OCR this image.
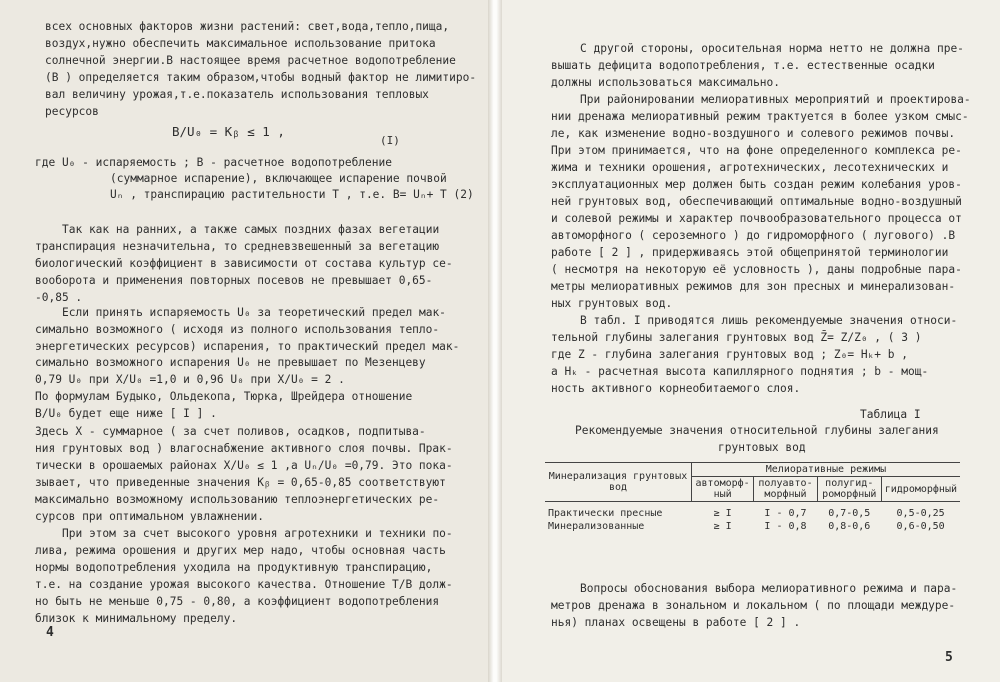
всех основных факторов жизни растений: свет,вода,тепло,пища,
воздух,нужно обеспечить максимальное использование притока
солнечной энергии.В настоящее время расчетное водопотребление
(В ) определяется таким образом,чтобы водный фактор не лимитиро-
вал величину урожая,т.е.показатель использования тепловых
ресурсов
В/U₀ = Kᵦ ≤ 1 ,
(I)
где U₀ - испаряемость ; В - расчетное водопотребление
(суммарное испарение), включающее испарение почвой
Uₙ , транспирацию растительности T , т.е. В= Uₙ+ T (2)
Так как на ранних, а также самых поздних фазах вегетации
транспирация незначительна, то средневзвешенный за вегетацию
биологический коэффициент в зависимости от состава культур се-
вооборота и применения повторных посевов не превышает 0,65-
-0,85 .
Если принять испаряемость U₀ за теоретический предел мак-
симально возможного ( исходя из полного использования тепло-
энергетических ресурсов) испарения, то практический предел мак-
симально возможного испарения U₀ не превышает по Мезенцеву
0,79 U₀ при X/U₀ =1,0 и 0,96 U₀ при X/U₀ = 2 .
По формулам Будыко, Ольдекопа, Тюрка, Шрейдера отношение
В/U₀ будет еще ниже [ I ] .
Здесь X - суммарное ( за счет поливов, осадков, подпитыва-
ния грунтовых вод ) влагоснабжение активного слоя почвы. Прак-
тически в орошаемых районах X/U₀ ≤ 1 ,а Uₙ/U₀ =0,79. Это пока-
зывает, что приведенные значения Kᵦ = 0,65-0,85 соответствуют
максимально возможному использованию теплоэнергетических ре-
сурсов при оптимальном увлажнении.
При этом за счет высокого уровня агротехники и техники по-
лива, режима орошения и других мер надо, чтобы основная часть
нормы водопотребления уходила на продуктивную транспирацию,
т.е. на создание урожая высокого качества. Отношение T/B долж-
но быть не меньше 0,75 - 0,80, а коэффициент водопотребления
близок к минимальному пределу.
4
С другой стороны, оросительная норма нетто не должна пре-
вышать дефицита водопотребления, т.е. естественные осадки
должны использоваться максимально.
При районировании мелиоративных мероприятий и проектирова-
нии дренажа мелиоративный режим трактуется в более узком смыс-
ле, как изменение водно-воздушного и солевого режимов почвы.
При этом принимается, что на фоне определенного комплекса ре-
жима и техники орошения, агротехнических, лесотехнических и
эксплуатационных мер должен быть создан режим колебания уров-
ней грунтовых вод, обеспечивающий оптимальные водно-воздушный
и солевой режимы и характер почвообразовательного процесса от
автоморфного ( сероземного ) до гидроморфного ( лугового) .В
работе [ 2 ] , придерживаясь этой общепринятой терминологии
( несмотря на некоторую её условность ), даны подробные пара-
метры мелиоративных режимов для зон пресных и минерализован-
ных грунтовых вод.
В табл. I приводятся лишь рекомендуемые значения относи-
тельной глубины залегания грунтовых вод Z̄= Z/Z₀ , ( 3 )
где Z - глубина залегания грунтовых вод ; Z₀= Hₖ+ b ,
а Hₖ - расчетная высота капиллярного поднятия ; b - мощ-
ность активного корнеобитаемого слоя.
Таблица I
Рекомендуемые значения относительной глубины залегания
грунтовых вод
Минерализация грунтовых вод	Мелиоративные режимы			
	автоморф-ный	полуавто-морфный	полугид-роморфный	гидроморфный
Практически пресные	≥ I	I - 0,7	0,7-0,5	0,5-0,25
Минерализованные	≥ I	I - 0,8	0,8-0,6	0,6-0,50
Вопросы обоснования выбора мелиоративного режима и пара-
метров дренажа в зональном и локальном ( по площади междурe-
нья) планах освещены в работе [ 2 ] .
5
